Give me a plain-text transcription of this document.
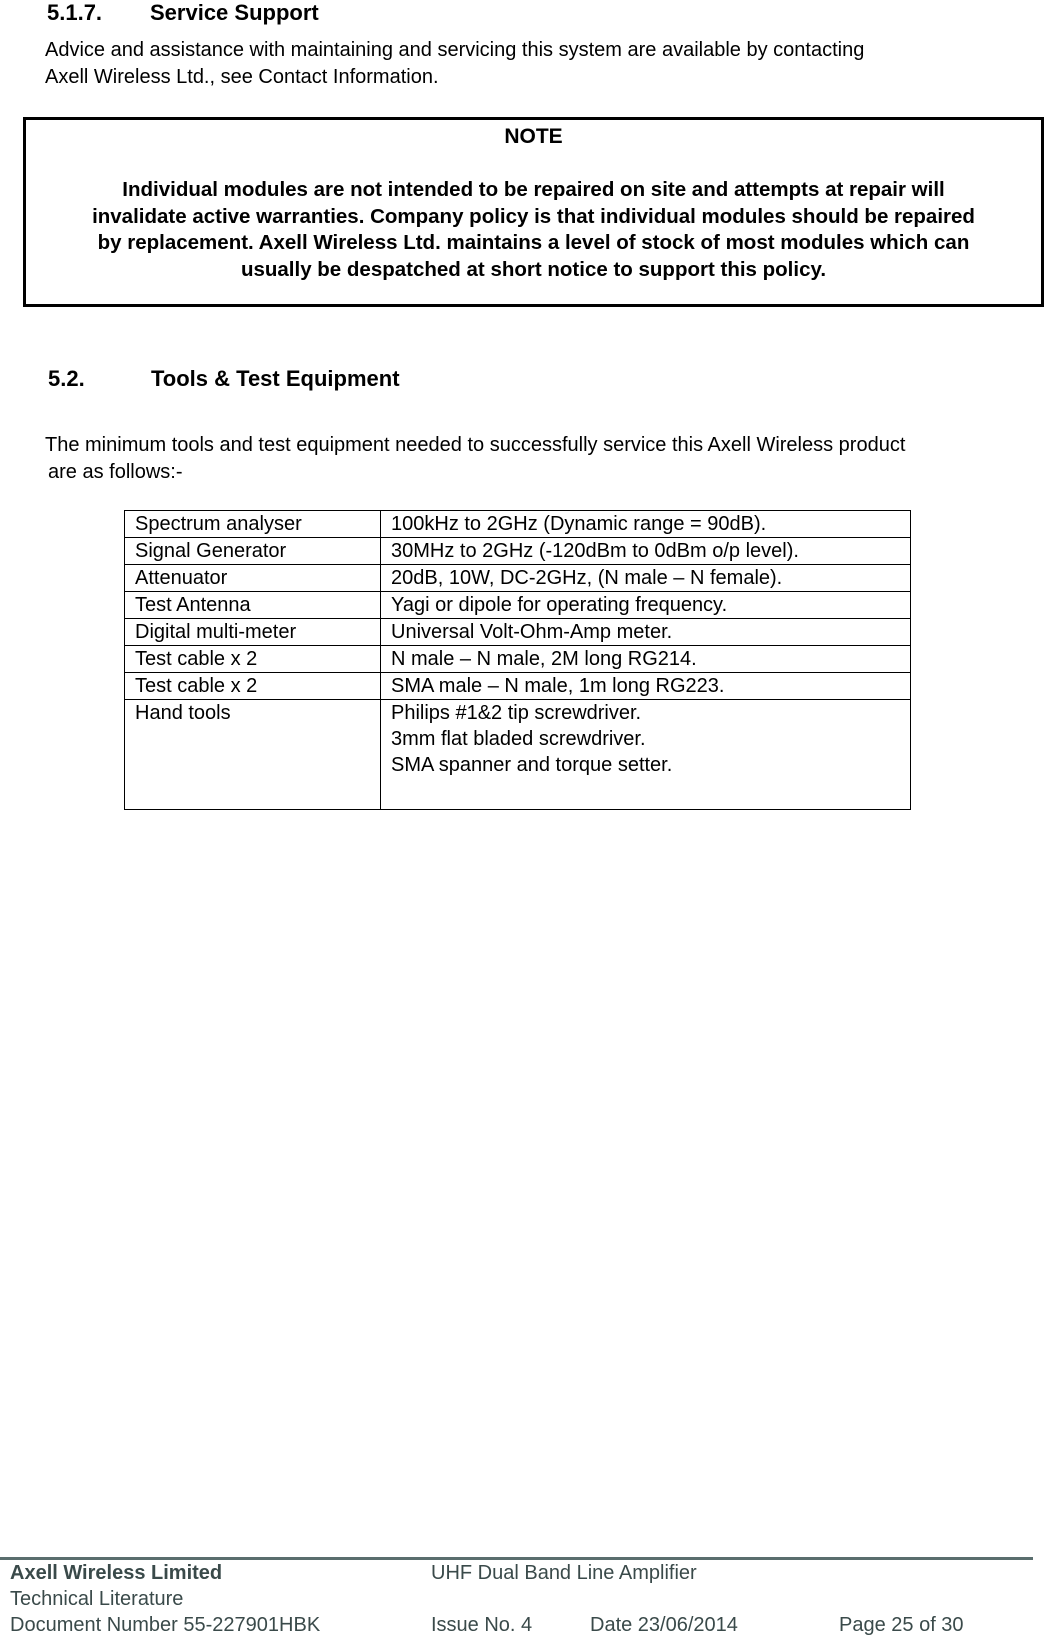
5.1.7. Service Support
Advice and assistance with maintaining and servicing this system are available by contacting
Axell Wireless Ltd., see Contact Information.
NOTE
Individual modules are not intended to be repaired on site and attempts at repair will
invalidate active warranties. Company policy is that individual modules should be repaired
by replacement. Axell Wireless Ltd. maintains a level of stock of most modules which can
usually be despatched at short notice to support this policy.
5.2.	Tools & Test Equipment
The minimum tools and test equipment needed to successfully service this Axell Wireless product
are as follows:-
Spectrum analyser	100kHz to 2GHz (Dynamic range = 90dB).
Signal Generator	30MHz to 2GHz (-120dBm to 0dBm o/p level).
Attenuator	20dB, 10W, DC-2GHz, (N male – N female).
Test Antenna	Yagi or dipole for operating frequency.
Digital multi-meter	Universal Volt-Ohm-Amp meter.
Test cable x 2	N male – N male, 2M long RG214.
Test cable x 2	SMA male – N male, 1m long RG223.
Hand tools	Philips #1&2 tip screwdriver.
3mm flat bladed screwdriver.
SMA spanner and torque setter.
Axell Wireless Limited	UHF Dual Band Line Amplifier
Technical Literature
Document Number 55-227901HBK	Issue No. 4	Date 23/06/2014	Page 25 of 30
